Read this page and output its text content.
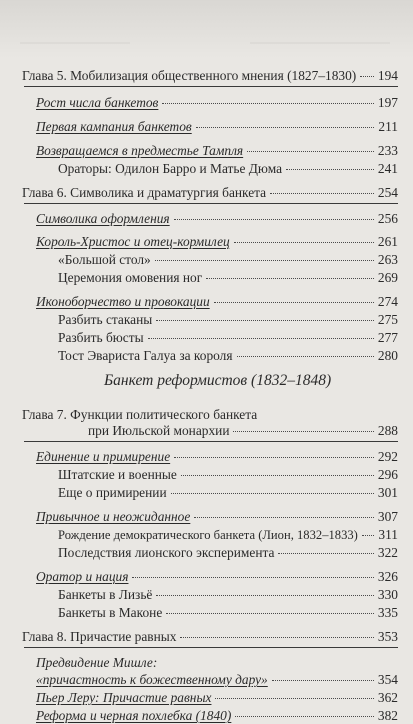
Глава 5. Мобилизация общественного мнения (1827–1830) 194
Рост числа банкетов	197
Первая кампания банкетов	211
Возвращаемся в предместье Тампля	233
Ораторы: Одилон Барро и Матье Дюма	241
Глава 6. Символика и драматургия банкета	254
Символика оформления	256
Король-Христос и отец-кормилец	261
«Большой стол»	263
Церемония омовения ног	269
Иконоборчество и провокации	274
Разбить стаканы	275
Разбить бюсты	277
Тост Эвариста Галуа за короля	280
Банкет реформистов (1832–1848)
Глава 7. Функции политического банкета
при Июльской монархии	288
Единение и примирение	292
Штатские и военные	296
Еще о примирении	301
Привычное и неожиданное	307
Рождение демократического банкета (Лион, 1832–1833) 311
Последствия лионского эксперимента	322
Оратор и нация	326
Банкеты в Лизьё	330
Банкеты в Маконе	335
Глава 8. Причастие равных	353
Предвидение Мишле:
«причастность к божественному дару»	354
Пьер Леру: Причастие равных	362
Реформа и черная похлебка (1840)	382
